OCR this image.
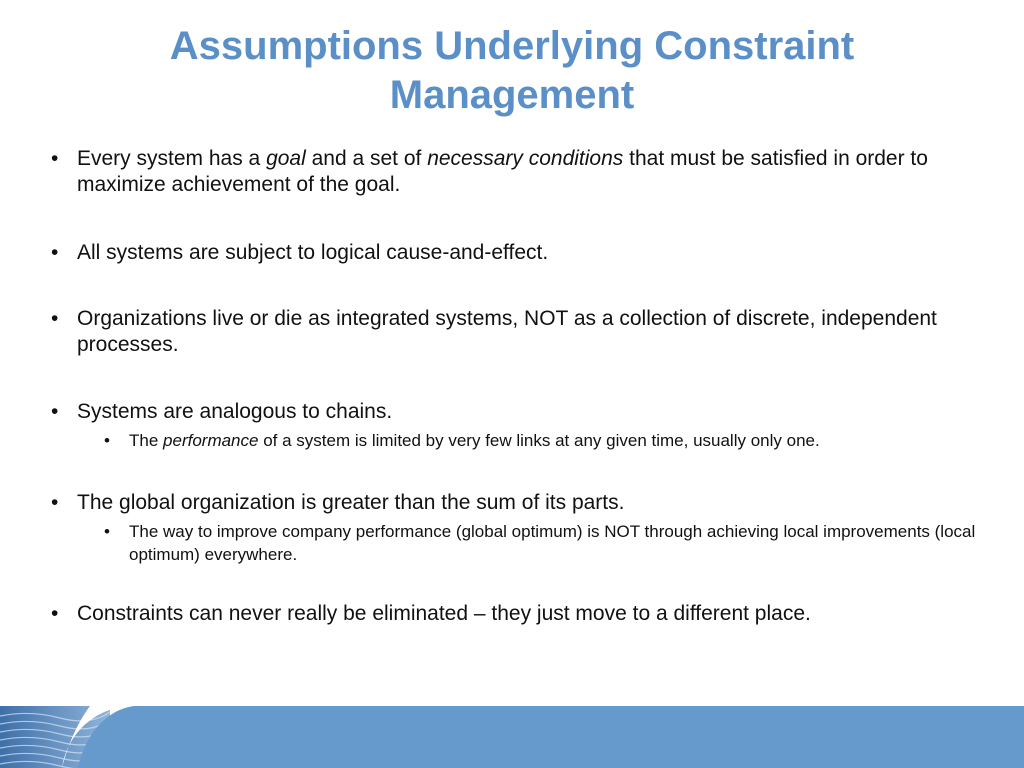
Assumptions Underlying Constraint
Management
• Every system has a goal and a set of necessary conditions that must be satisfied in order to maximize achievement of the goal.
• All systems are subject to logical cause-and-effect.
• Organizations live or die as integrated systems, NOT as a collection of discrete, independent processes.
• Systems are analogous to chains.
• The performance of a system is limited by very few links at any given time, usually only one.
• The global organization is greater than the sum of its parts.
• The way to improve company performance (global optimum) is NOT through achieving local improvements (local optimum) everywhere.
• Constraints can never really be eliminated – they just move to a different place.
